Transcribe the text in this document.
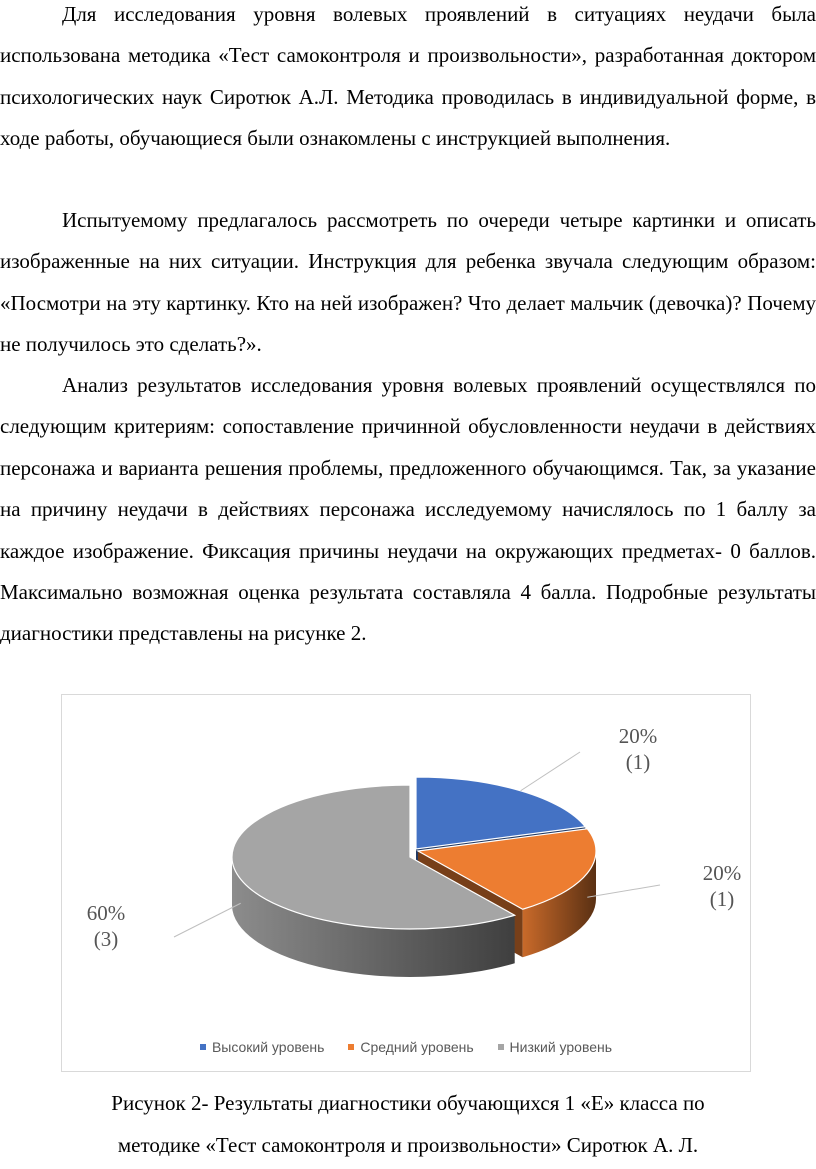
Для исследования уровня волевых проявлений в ситуациях неудачи была использована методика «Тест самоконтроля и произвольности», разработанная доктором психологических наук Сиротюк А.Л. Методика проводилась в индивидуальной форме, в ходе работы, обучающиеся были ознакомлены с инструкцией выполнения.

Испытуемому предлагалось рассмотреть по очереди четыре картинки и описать изображенные на них ситуации. Инструкция для ребенка звучала следующим образом: «Посмотри на эту картинку. Кто на ней изображен? Что делает мальчик (девочка)? Почему не получилось это сделать?».

Анализ результатов исследования уровня волевых проявлений осуществлялся по следующим критериям: сопоставление причинной обусловленности неудачи в действиях персонажа и варианта решения проблемы, предложенного обучающимся. Так, за указание на причину неудачи в действиях персонажа исследуемому начислялось по 1 баллу за каждое изображение. Фиксация причины неудачи на окружающих предметах- 0 баллов. Максимально возможная оценка результата составляла 4 балла. Подробные результаты диагностики представлены на рисунке 2.

20%
(1)
20%
(1)
60%
(3)
Высокий уровень	Средний уровень	Низкий уровень

Рисунок 2- Результаты диагностики обучающихся 1 «Е» класса по

методике «Тест самоконтроля и произвольности» Сиротюк А. Л.
